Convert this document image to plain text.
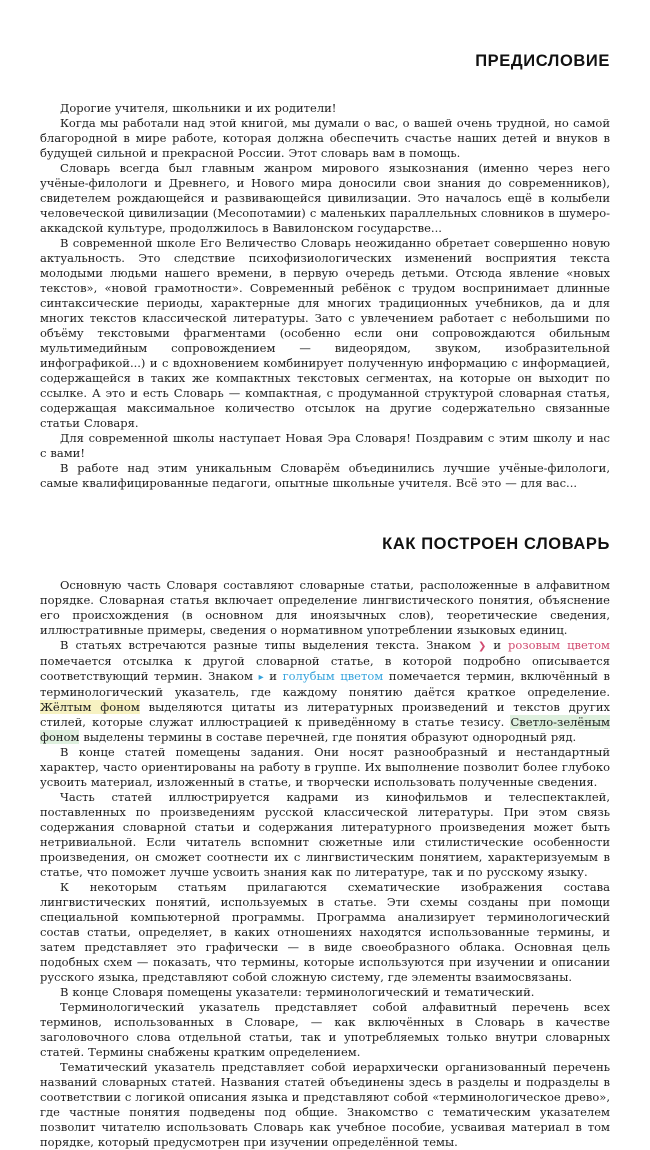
ПРЕДИСЛОВИЕ

Дорогие учителя, школьники и их родители!

Когда мы работали над этой книгой, мы думали о вас, о вашей очень трудной, но самой благородной в мире работе, которая должна обеспечить счастье наших детей и внуков в будущей сильной и прекрасной России. Этот словарь вам в помощь.

Словарь всегда был главным жанром мирового языкознания (именно через него учёные-филологи и Древнего, и Нового мира доносили свои знания до современников), свидетелем рождающейся и развивающейся цивилизации. Это началось ещё в колыбели человеческой цивилизации (Месопотамии) с маленьких параллельных словников в шумеро-аккадской культуре, продолжилось в Вавилонском государстве...

В современной школе Его Величество Словарь неожиданно обретает совершенно новую актуальность. Это следствие психофизиологических изменений восприятия текста молодыми людьми нашего времени, в первую очередь детьми. Отсюда явление «новых текстов», «новой грамотности». Современный ребёнок с трудом воспринимает длинные синтаксические периоды, характерные для многих традиционных учебников, да и для многих текстов классической литературы. Зато с увлечением работает с небольшими по объёму текстовыми фрагментами (особенно если они сопровождаются обильным мультимедийным сопровождением — видеорядом, звуком, изобразительной инфографикой...) и с вдохновением комбинирует полученную информацию с информацией, содержащейся в таких же компактных текстовых сегментах, на которые он выходит по ссылке. А это и есть Словарь — компактная, с продуманной структурой словарная статья, содержащая максимальное количество отсылок на другие содержательно связанные статьи Словаря.

Для современной школы наступает Новая Эра Словаря! Поздравим с этим школу и нас с вами!

В работе над этим уникальным Словарём объединились лучшие учёные-филологи, самые квалифицированные педагоги, опытные школьные учителя. Всё это — для вас...

КАК ПОСТРОЕН СЛОВАРЬ

Основную часть Словаря составляют словарные статьи, расположенные в алфавитном порядке. Словарная статья включает определение лингвистического понятия, объяснение его происхождения (в основном для иноязычных слов), теоретические сведения, иллюстративные примеры, сведения о нормативном употреблении языковых единиц.

В статьях встречаются разные типы выделения текста. Знаком ❯ и розовым цветом помечается отсылка к другой словарной статье, в которой подробно описывается соответствующий термин. Знаком ▸ и голубым цветом помечается термин, включённый в терминологический указатель, где каждому понятию даётся краткое определение. Жёлтым фоном выделяются цитаты из литературных произведений и текстов других стилей, которые служат иллюстрацией к приведённому в статье тезису. Светло-зелёным фоном выделены термины в составе перечней, где понятия образуют однородный ряд.

В конце статей помещены задания. Они носят разнообразный и нестандартный характер, часто ориентированы на работу в группе. Их выполнение позволит более глубоко усвоить материал, изложенный в статье, и творчески использовать полученные сведения.

Часть статей иллюстрируется кадрами из кинофильмов и телеспектаклей, поставленных по произведениям русской классической литературы. При этом связь содержания словарной статьи и содержания литературного произведения может быть нетривиальной. Если читатель вспомнит сюжетные или стилистические особенности произведения, он сможет соотнести их с лингвистическим понятием, характеризуемым в статье, что поможет лучше усвоить знания как по литературе, так и по русскому языку.

К некоторым статьям прилагаются схематические изображения состава лингвистических понятий, используемых в статье. Эти схемы созданы при помощи специальной компьютерной программы. Программа анализирует терминологический состав статьи, определяет, в каких отношениях находятся использованные термины, и затем представляет это графически — в виде своеобразного облака. Основная цель подобных схем — показать, что термины, которые используются при изучении и описании русского языка, представляют собой сложную систему, где элементы взаимосвязаны.

В конце Словаря помещены указатели: терминологический и тематический.

Терминологический указатель представляет собой алфавитный перечень всех терминов, использованных в Словаре, — как включённых в Словарь в качестве заголовочного слова отдельной статьи, так и употребляемых только внутри словарных статей. Термины снабжены кратким определением.

Тематический указатель представляет собой иерархически организованный перечень названий словарных статей. Названия статей объединены здесь в разделы и подразделы в соответствии с логикой описания языка и представляют собой «терминологическое древо», где частные понятия подведены под общие. Знакомство с тематическим указателем позволит читателю использовать Словарь как учебное пособие, усваивая материал в том порядке, который предусмотрен при изучении определённой темы.
